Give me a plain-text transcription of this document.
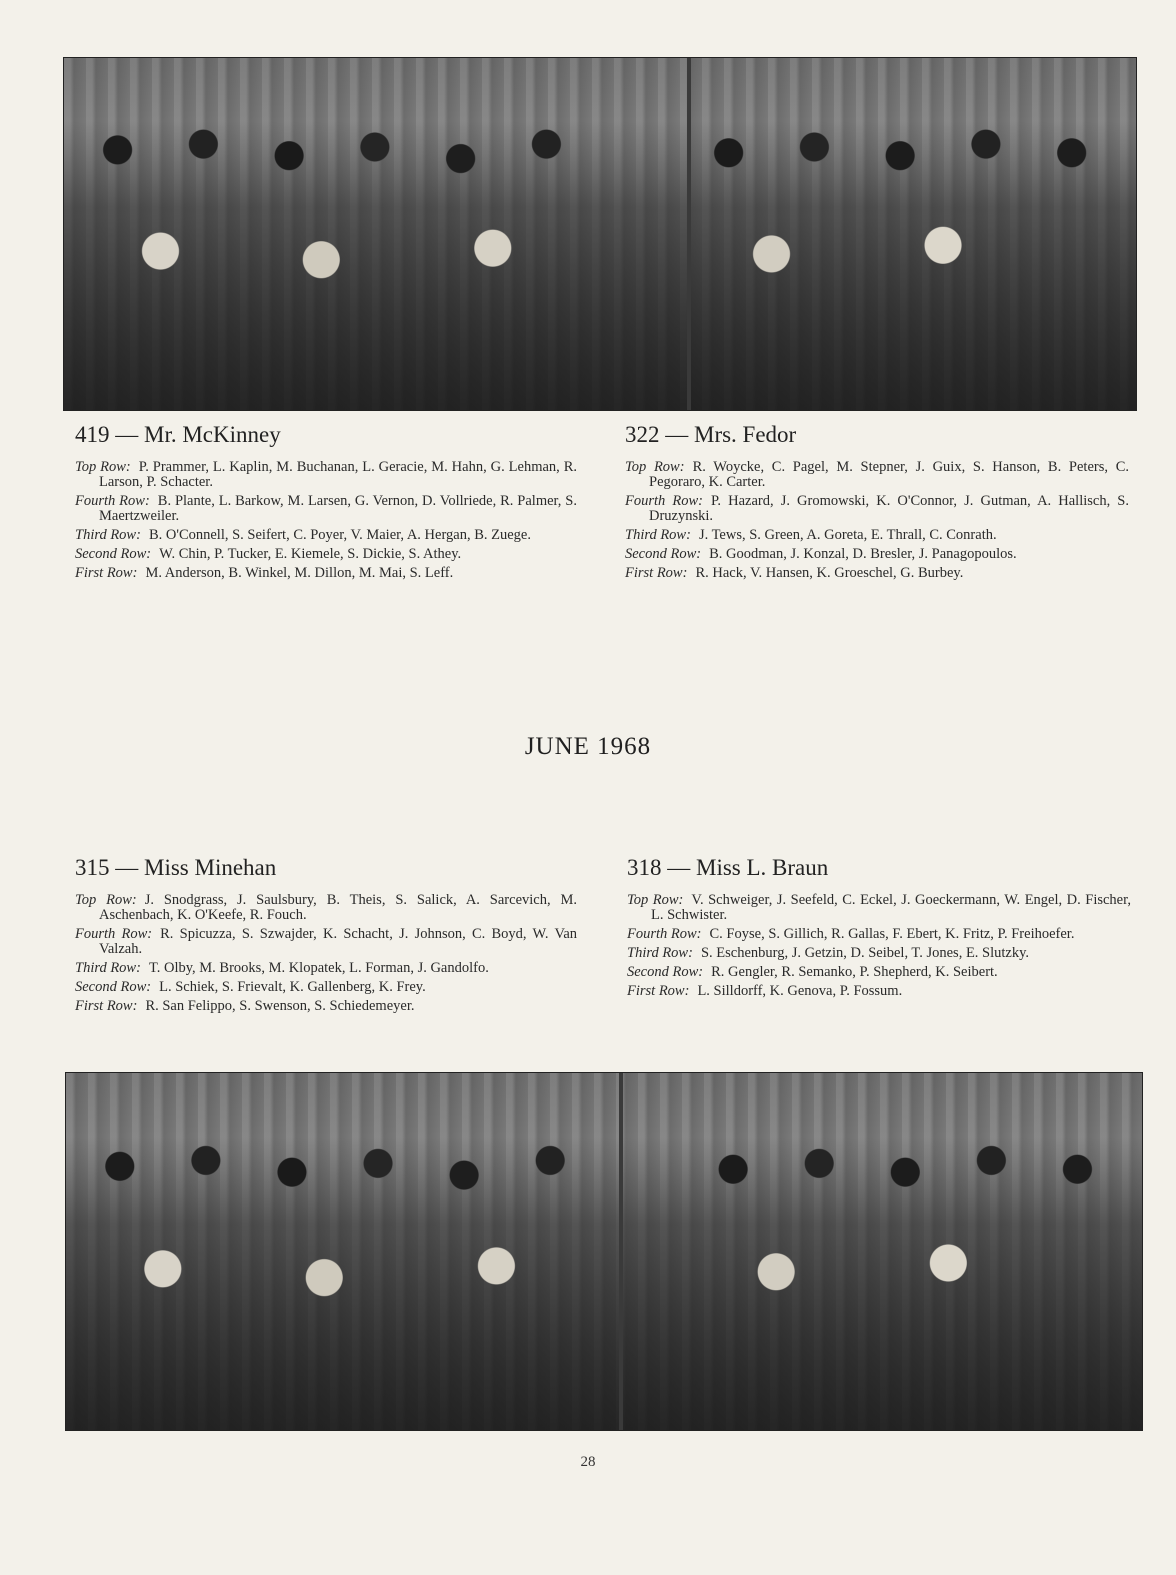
419 — Mr. McKinney

Top Row: P. Prammer, L. Kaplin, M. Buchanan, L. Geracie, M. Hahn, G. Lehman, R. Larson, P. Schacter.

Fourth Row: B. Plante, L. Barkow, M. Larsen, G. Vernon, D. Vollriede, R. Palmer, S. Maertzweiler.

Third Row: B. O'Connell, S. Seifert, C. Poyer, V. Maier, A. Hergan, B. Zuege.

Second Row: W. Chin, P. Tucker, E. Kiemele, S. Dickie, S. Athey.

First Row: M. Anderson, B. Winkel, M. Dillon, M. Mai, S. Leff.

322 — Mrs. Fedor

Top Row: R. Woycke, C. Pagel, M. Stepner, J. Guix, S. Hanson, B. Peters, C. Pegoraro, K. Carter.

Fourth Row: P. Hazard, J. Gromowski, K. O'Connor, J. Gutman, A. Hallisch, S. Druzynski.

Third Row: J. Tews, S. Green, A. Goreta, E. Thrall, C. Conrath.

Second Row: B. Goodman, J. Konzal, D. Bresler, J. Panagopoulos.

First Row: R. Hack, V. Hansen, K. Groeschel, G. Burbey.

JUNE 1968
315 — Miss Minehan

Top Row: J. Snodgrass, J. Saulsbury, B. Theis, S. Salick, A. Sarcevich, M. Aschenbach, K. O'Keefe, R. Fouch.

Fourth Row: R. Spicuzza, S. Szwajder, K. Schacht, J. Johnson, C. Boyd, W. Van Valzah.

Third Row: T. Olby, M. Brooks, M. Klopatek, L. Forman, J. Gandolfo.

Second Row: L. Schiek, S. Frievalt, K. Gallenberg, K. Frey.

First Row: R. San Felippo, S. Swenson, S. Schiedemeyer.

318 — Miss L. Braun

Top Row: V. Schweiger, J. Seefeld, C. Eckel, J. Goeckermann, W. Engel, D. Fischer, L. Schwister.

Fourth Row: C. Foyse, S. Gillich, R. Gallas, F. Ebert, K. Fritz, P. Freihoefer.

Third Row: S. Eschenburg, J. Getzin, D. Seibel, T. Jones, E. Slutzky.

Second Row: R. Gengler, R. Semanko, P. Shepherd, K. Seibert.

First Row: L. Silldorff, K. Genova, P. Fossum.

28
